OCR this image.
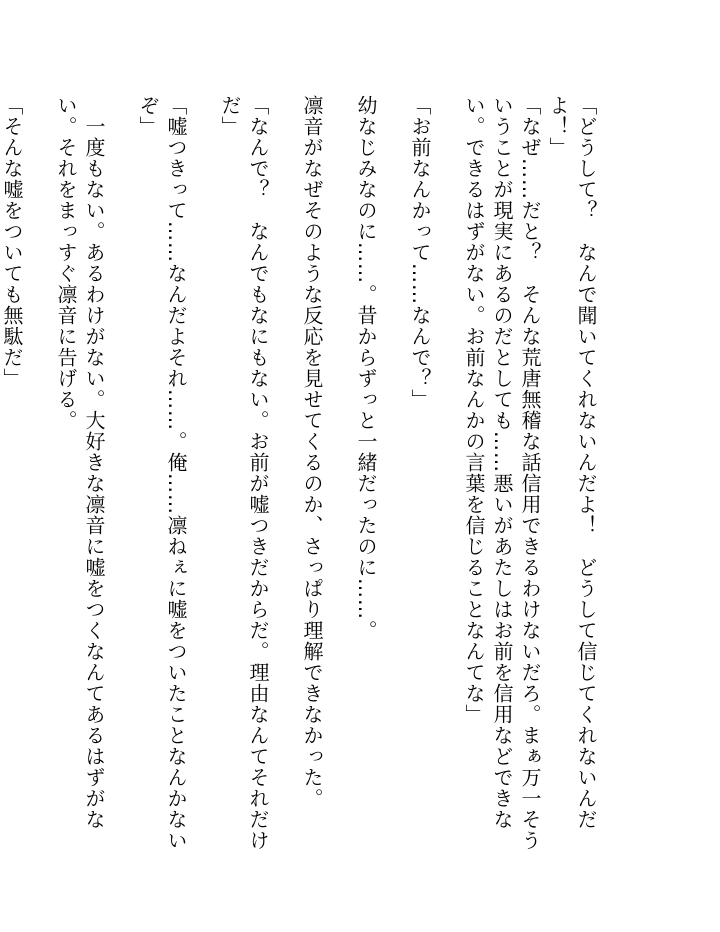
「どうして？　なんで聞いてくれないんだよ！　どうして信じてくれないんだよ！」
「なぜ……だと？　そんな荒唐無稽な話信用できるわけないだろ。まぁ万一そういうことが現実にあるのだとしても……悪いがあたしはお前を信用などできない。できるはずがない。お前なんかの言葉を信じることなんてな」
「お前なんかって……なんで？」
幼なじみなのに……。昔からずっと一緒だったのに……。
凛音がなぜそのような反応を見せてくるのか、さっぱり理解できなかった。
「なんで？　なんでもなにもない。お前が嘘つきだからだ。理由なんてそれだけだ」
「嘘つきって……なんだよそれ……。俺……凛ねぇに嘘をついたことなんかないぞ」
　一度もない。あるわけがない。大好きな凛音に嘘をつくなんてあるはずがない。それをまっすぐ凛音に告げる。
「そんな嘘をついても無駄だ」
